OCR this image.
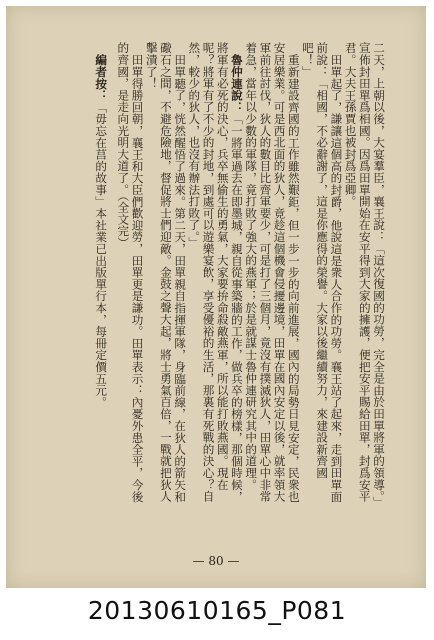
二天，上朝以後，大宴羣臣，襄王說：「這次復國的功勞，完全是由於田單將軍的領導。」宣佈封田單爲相國。因爲田單開始在安平得到大家的擁護，便把安平賜給田單，封爲安平君。大夫王孫賈也被封爲亞卿。

田單起了，謙讓這個高的封爵，他說這是衆人合作的功勞。襄王站了起來，走到田單面前說：「相國，不必辭謝了，這是你應得的榮譽。大家以後繼續努力，來建設新齊國吧！」

重新建設齊國的工作雖然艱鉅，但一步一步的向前進展，國內的局勢日見安定，民衆也安居樂業。可是西北面的狄人，竟趁這個機會侵擾邊境，田單在國內安定以後，就率領大軍前往討伐，狄人的數目比齊軍要少，可是打了三個月，竟沒有撲滅狄人，田單心中非常着急，當年以少數的軍隊，竟打敗了強大的燕軍；於是就謀士魯仲連研究其中的道理。

魯仲連說：「一將軍過去在即墨城，親自從事築牆的工作，做兵卒的榜樣，那個時候，將軍有必死的決心，兵卒無偷生的勇氣，大家要拚命殺敵燕軍，所以能打敗燕國。現在呢？將軍有了不少的封地，到處可以遊樂宴飲，享受優裕的生活，那裏有死戰的決心？自然，較少的狄人，也沒有辦法打敗了。」

田單聽了，恍然醒悟了過來。第二天，田單親自指揮軍隊，身臨前線，在狄人的箭矢和礮石之間，不避危險地，督促將士們迎敵。金鼓之聲大起，將士勇氣百倍，一戰就把狄人擊潰了！

田單得勝回朝，襄王和大臣們歡迎勞，田單更是謙功。田單表示：內憂外患全平，今後的齊國，是走向光明大道了。（全文完）

編者按：「毋忘在莒的故事」本社業已出版單行本，每冊定價五元。

— 80 —
20130610165_P081
